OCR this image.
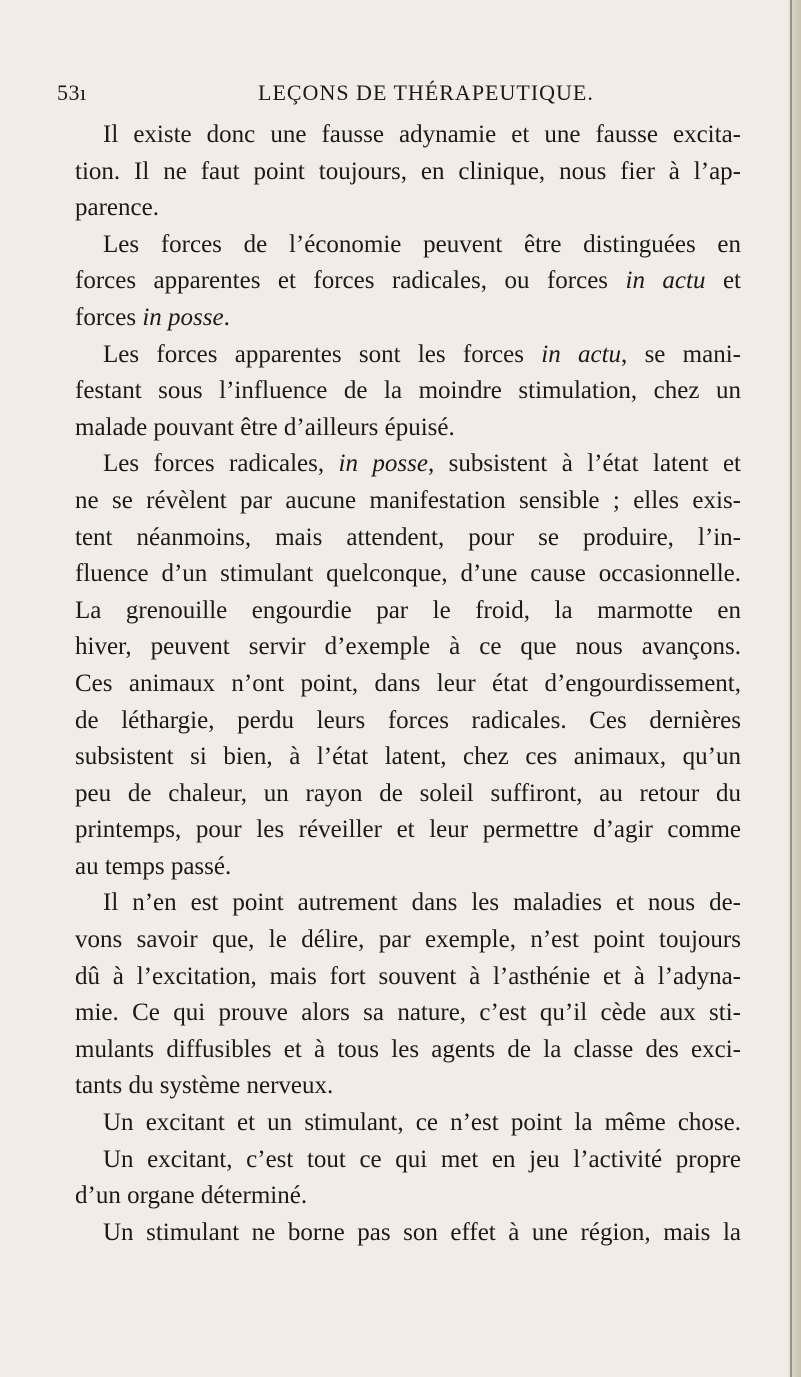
53ı	LEÇONS DE THÉRAPEUTIQUE.
Il existe donc une fausse adynamie et une fausse excita-
tion. Il ne faut point toujours, en clinique, nous fier à l’ap-
parence.
Les forces de l’économie peuvent être distinguées en
forces apparentes et forces radicales, ou forces in actu et
forces in posse.
Les forces apparentes sont les forces in actu, se mani-
festant sous l’influence de la moindre stimulation, chez un
malade pouvant être d’ailleurs épuisé.
Les forces radicales, in posse, subsistent à l’état latent et
ne se révèlent par aucune manifestation sensible ; elles exis-
tent néanmoins, mais attendent, pour se produire, l’in-
fluence d’un stimulant quelconque, d’une cause occasionnelle.
La grenouille engourdie par le froid, la marmotte en
hiver, peuvent servir d’exemple à ce que nous avançons.
Ces animaux n’ont point, dans leur état d’engourdissement,
de léthargie, perdu leurs forces radicales. Ces dernières
subsistent si bien, à l’état latent, chez ces animaux, qu’un
peu de chaleur, un rayon de soleil suffiront, au retour du
printemps, pour les réveiller et leur permettre d’agir comme
au temps passé.
Il n’en est point autrement dans les maladies et nous de-
vons savoir que, le délire, par exemple, n’est point toujours
dû à l’excitation, mais fort souvent à l’asthénie et à l’adyna-
mie. Ce qui prouve alors sa nature, c’est qu’il cède aux sti-
mulants diffusibles et à tous les agents de la classe des exci-
tants du système nerveux.
Un excitant et un stimulant, ce n’est point la même chose.
Un excitant, c’est tout ce qui met en jeu l’activité propre
d’un organe déterminé.
Un stimulant ne borne pas son effet à une région, mais la
